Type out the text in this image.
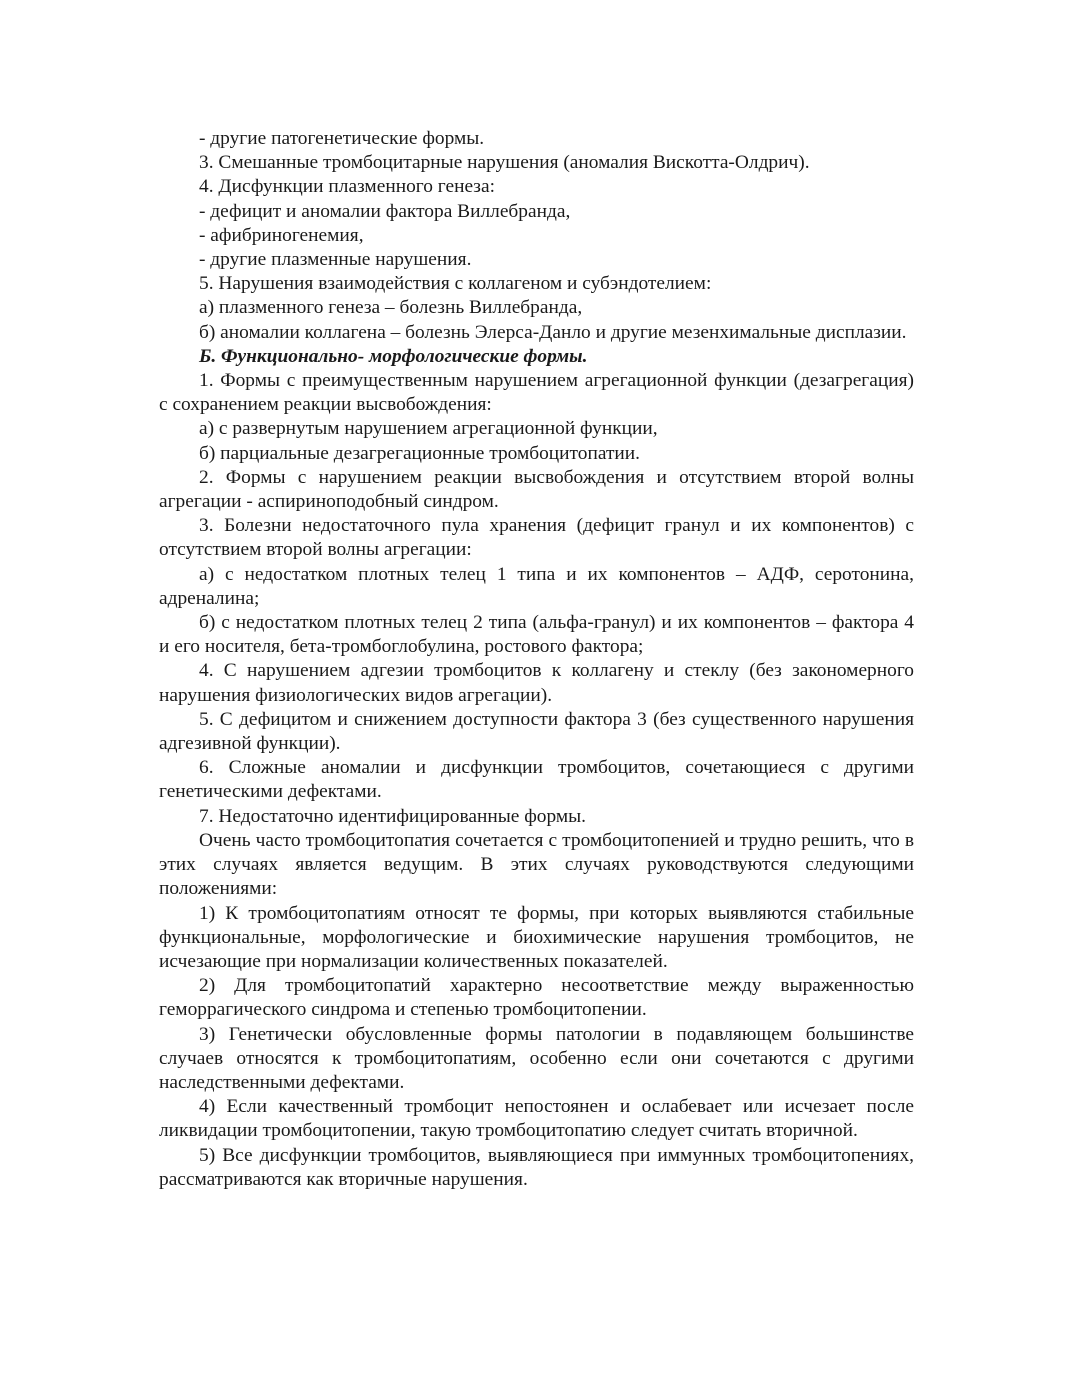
- другие патогенетические формы.

3. Смешанные тромбоцитарные нарушения (аномалия Вискотта-Олдрич).

4. Дисфункции плазменного генеза:

- дефицит и аномалии фактора Виллебранда,

- афибриногенемия,

- другие плазменные нарушения.

5. Нарушения взаимодействия с коллагеном и субэндотелием:

а) плазменного генеза – болезнь Виллебранда,

б) аномалии коллагена – болезнь Элерса-Данло и другие мезенхимальные дисплазии.

Б. Функционально- морфологические формы.

1. Формы с преимущественным нарушением агрегационной функции (дезагрегация) с сохранением реакции высвобождения:

а) с развернутым нарушением агрегационной функции,

б) парциальные дезагрегационные тромбоцитопатии.

2. Формы с нарушением реакции высвобождения и отсутствием второй волны агрегации - аспириноподобный синдром.

3. Болезни недостаточного пула хранения (дефицит гранул и их компонентов) с отсутствием второй волны агрегации:

а) с недостатком плотных телец 1 типа и их компонентов – АДФ, серотонина, адреналина;

б) с недостатком плотных телец 2 типа (альфа-гранул) и их компонентов – фактора 4 и его носителя, бета-тромбоглобулина, ростового фактора;

4. С нарушением адгезии тромбоцитов к коллагену и стеклу (без закономерного нарушения физиологических видов агрегации).

5. С дефицитом и снижением доступности фактора 3 (без существенного нарушения адгезивной функции).

6. Сложные аномалии и дисфункции тромбоцитов, сочетающиеся с другими генетическими дефектами.

7. Недостаточно идентифицированные формы.

Очень часто тромбоцитопатия сочетается с тромбоцитопенией и трудно решить, что в этих случаях является ведущим. В этих случаях руководствуются следующими положениями:

1) К тромбоцитопатиям относят те формы, при которых выявляются стабильные функциональные, морфологические и биохимические нарушения тромбоцитов, не исчезающие при нормализации количественных показателей.

2) Для тромбоцитопатий характерно несоответствие между выраженностью геморрагического синдрома и степенью тромбоцитопении.

3) Генетически обусловленные формы патологии в подавляющем большинстве случаев относятся к тромбоцитопатиям, особенно если они сочетаются с другими наследственными дефектами.

4) Если качественный тромбоцит непостоянен и ослабевает или исчезает после ликвидации тромбоцитопении, такую тромбоцитопатию следует считать вторичной.

5) Все дисфункции тромбоцитов, выявляющиеся при иммунных тромбоцитопениях, рассматриваются как вторичные нарушения.
